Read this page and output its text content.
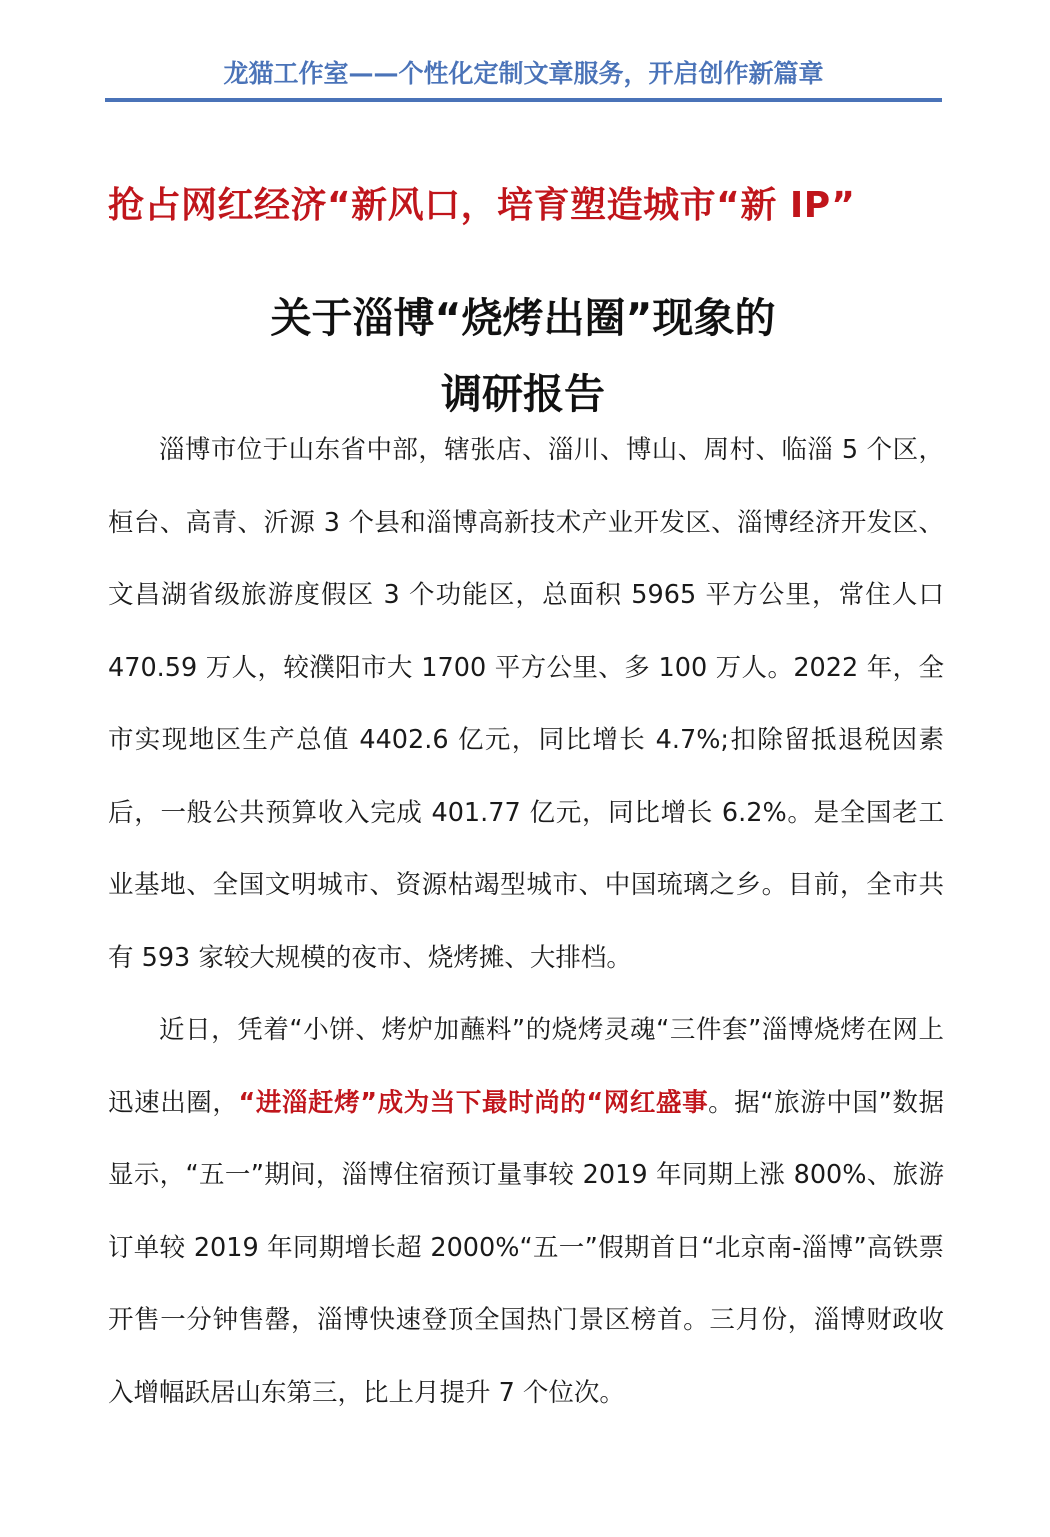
龙猫工作室——个性化定制文章服务，开启创作新篇章
抢占网红经济“新风口，培育塑造城市“新 IP”
关于淄博“烧烤出圈”现象的
调研报告

淄博市位于山东省中部，辖张店、淄川、博山、周村、临淄 5 个区，桓台、高青、沂源 3 个县和淄博高新技术产业开发区、淄博经济开发区、文昌湖省级旅游度假区 3 个功能区，总面积 5965 平方公里，常住人口 470.59 万人，较濮阳市大 1700 平方公里、多 100 万人。2022 年，全市实现地区生产总值 4402.6 亿元，同比增长 4.7%;扣除留抵退税因素后，一般公共预算收入完成 401.77 亿元，同比增长 6.2%。是全国老工业基地、全国文明城市、资源枯竭型城市、中国琉璃之乡。目前，全市共有 593 家较大规模的夜市、烧烤摊、大排档。

近日，凭着“小饼、烤炉加蘸料”的烧烤灵魂“三件套”淄博烧烤在网上迅速出圈，“进淄赶烤”成为当下最时尚的“网红盛事。据“旅游中国”数据显示，“五一”期间，淄博住宿预订量事较 2019 年同期上涨 800%、旅游订单较 2019 年同期增长超 2000%“五一”假期首日“北京南-淄博”高铁票开售一分钟售罄，淄博快速登顶全国热门景区榜首。三月份，淄博财政收入增幅跃居山东第三，比上月提升 7 个位次。
